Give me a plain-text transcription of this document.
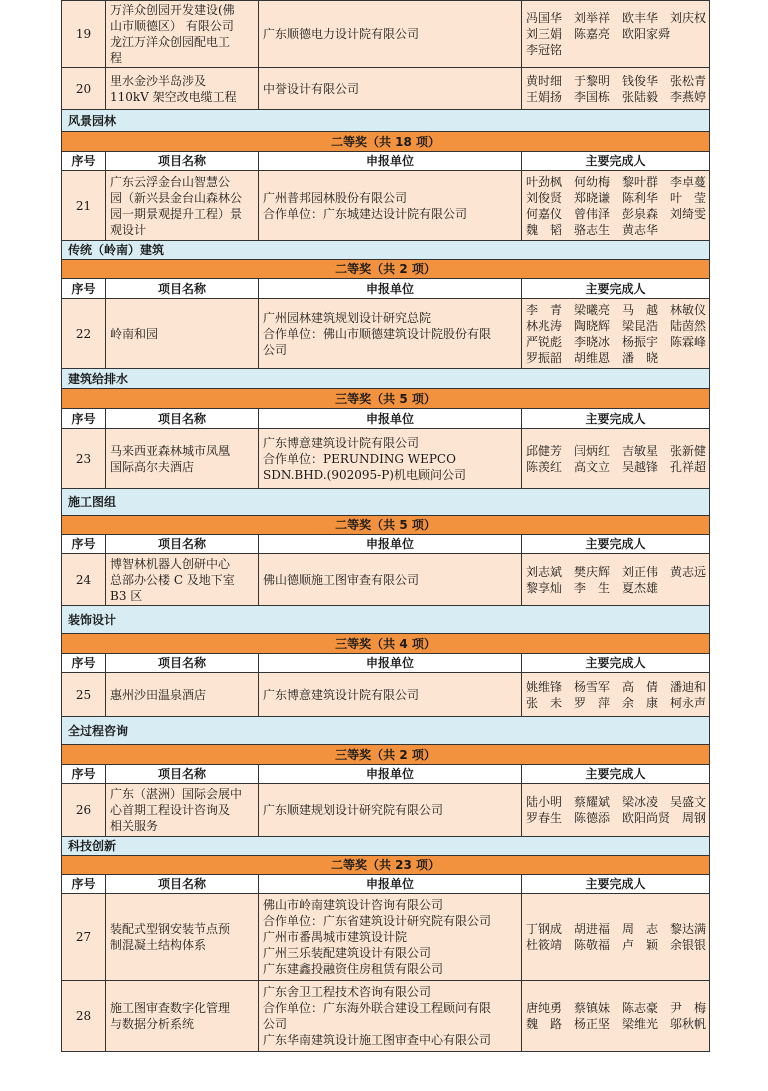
19	万洋众创园开发建设(佛
山市顺德区） 有限公司
龙江万洋众创园配电工
程	广东顺德电力设计院有限公司	冯国华　刘举祥　欧丰华　刘庆权
刘三娟　陈嘉亮　欧阳家舜
李冠铭

20	里水金沙半岛涉及
110kV 架空改电缆工程	中誉设计有限公司	黄时细　于黎明　钱俊华　张松青
王娟扬　李国栋　张陆毅　李燕婷

风景园林			
二等奖（共 18 项）			
序号	项目名称	申报单位	主要完成人
21	广东云浮金台山智慧公
园（新兴县金台山森林公
园一期景观提升工程）景
观设计	广州普邦园林股份有限公司
合作单位：广东城建达设计院有限公司	叶劲枫　何幼梅　黎叶群　李卓蔓
刘俊贤　郑晓谦　陈利华　叶　莹
何嘉仪　曾伟泽　彭泉森　刘绮雯
魏　韬　骆志生　黄志华

传统（岭南）建筑			
二等奖（共 2 项）			
序号	项目名称	申报单位	主要完成人
22	岭南和园	广州园林建筑规划设计研究总院
合作单位：佛山市顺德建筑设计院股份有限
公司	李　青　梁曦亮　马　越　林敏仪
林兆涛　陶晓辉　梁昆浩　陆茵然
严锐彪　李晓冰　杨振宇　陈霖峰
罗振韶　胡维恩　潘　晓

建筑给排水			
三等奖（共 5 项）			
序号	项目名称	申报单位	主要完成人
23	马来西亚森林城市凤凰
国际高尔夫酒店	广东博意建筑设计院有限公司
合作单位：PERUNDING WEPCO
SDN.BHD.(902095-P)机电顾问公司	邱健芳　闫炳红　吉敏星　张新健
陈羡红　高文立　吴越锋　孔祥超

施工图组			
二等奖（共 5 项）			
序号	项目名称	申报单位	主要完成人
24	博智林机器人创研中心
总部办公楼 C 及地下室
B3 区	佛山德顺施工图审查有限公司	刘志斌　樊庆辉　刘正伟　黄志远
黎享灿　李　生　夏杰雄

装饰设计			
三等奖（共 4 项）			
序号	项目名称	申报单位	主要完成人
25	惠州沙田温泉酒店	广东博意建筑设计院有限公司	姚维锋　杨雪军　高　倩　潘迪和
张　未　罗　萍　余　康　柯永声

全过程咨询			
三等奖（共 2 项）			
序号	项目名称	申报单位	主要完成人
26	广东（湛洲）国际会展中
心首期工程设计咨询及
相关服务	广东顺建规划设计研究院有限公司	陆小明　蔡耀斌　梁冰凌　吴盛文
罗春生　陈德添　欧阳尚贤　周钢

科技创新			
二等奖（共 23 项）			
序号	项目名称	申报单位	主要完成人
27	装配式型钢安装节点预
制混凝土结构体系	佛山市岭南建筑设计咨询有限公司
合作单位：广东省建筑设计研究院有限公司
广州市番禺城市建筑设计院
广州三乐装配建筑设计有限公司
广东建鑫投融资住房租赁有限公司	丁钢成　胡进福　周　志　黎达满
杜筱靖　陈敬福　卢　颖　余银银

28	施工图审查数字化管理
与数据分析系统	广东舍卫工程技术咨询有限公司
合作单位：广东海外联合建设工程顾问有限
公司
广东华南建筑设计施工图审查中心有限公司	唐纯勇　蔡镇妹　陈志豪　尹　梅
魏　路　杨正坚　梁维光　邬秋帆
